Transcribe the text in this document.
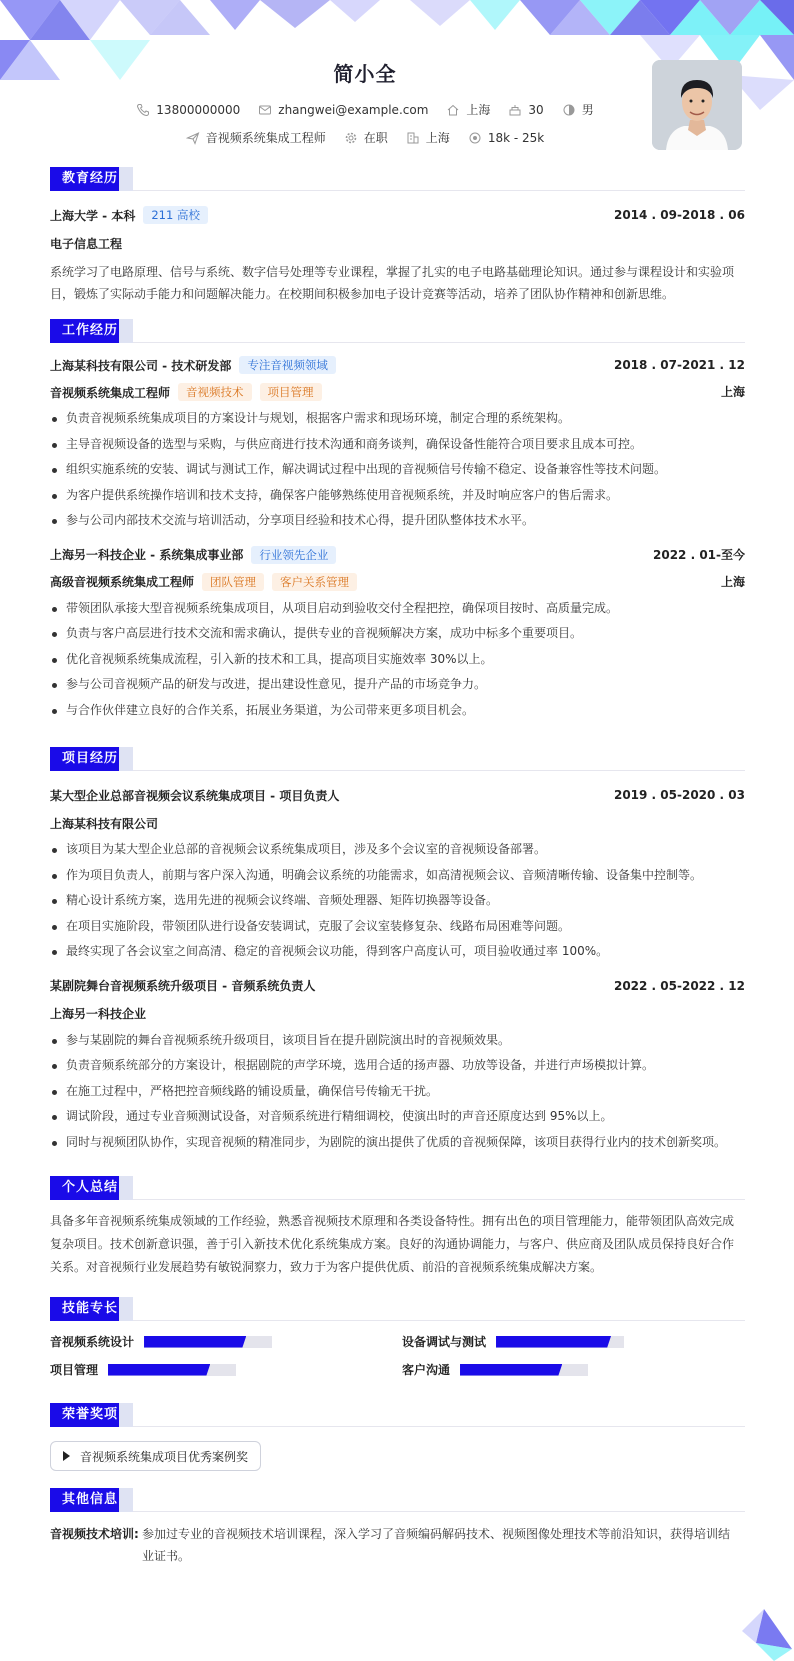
简小全
13800000000	zhangwei@example.com	上海	30	男
音视频系统集成工程师	在职	上海	18k - 25k
教育经历
上海大学 - 本科	211 高校	2014 . 09-2018 . 06
电子信息工程
系统学习了电路原理、信号与系统、数字信号处理等专业课程，掌握了扎实的电子电路基础理论知识。通过参与课程设计和实验项目，锻炼了实际动手能力和问题解决能力。在校期间积极参加电子设计竞赛等活动，培养了团队协作精神和创新思维。
工作经历
上海某科技有限公司 - 技术研发部	专注音视频领域	2018 . 07-2021 . 12
音视频系统集成工程师	音视频技术	项目管理	上海
负责音视频系统集成项目的方案设计与规划，根据客户需求和现场环境，制定合理的系统架构。
主导音视频设备的选型与采购，与供应商进行技术沟通和商务谈判，确保设备性能符合项目要求且成本可控。
组织实施系统的安装、调试与测试工作，解决调试过程中出现的音视频信号传输不稳定、设备兼容性等技术问题。
为客户提供系统操作培训和技术支持，确保客户能够熟练使用音视频系统，并及时响应客户的售后需求。
参与公司内部技术交流与培训活动，分享项目经验和技术心得，提升团队整体技术水平。
上海另一科技企业 - 系统集成事业部	行业领先企业	2022 . 01-至今
高级音视频系统集成工程师	团队管理	客户关系管理	上海
带领团队承接大型音视频系统集成项目，从项目启动到验收交付全程把控，确保项目按时、高质量完成。
负责与客户高层进行技术交流和需求确认，提供专业的音视频解决方案，成功中标多个重要项目。
优化音视频系统集成流程，引入新的技术和工具，提高项目实施效率 30%以上。
参与公司音视频产品的研发与改进，提出建设性意见，提升产品的市场竞争力。
与合作伙伴建立良好的合作关系，拓展业务渠道，为公司带来更多项目机会。
项目经历
某大型企业总部音视频会议系统集成项目 - 项目负责人	2019 . 05-2020 . 03
上海某科技有限公司
该项目为某大型企业总部的音视频会议系统集成项目，涉及多个会议室的音视频设备部署。
作为项目负责人，前期与客户深入沟通，明确会议系统的功能需求，如高清视频会议、音频清晰传输、设备集中控制等。
精心设计系统方案，选用先进的视频会议终端、音频处理器、矩阵切换器等设备。
在项目实施阶段，带领团队进行设备安装调试，克服了会议室装修复杂、线路布局困难等问题。
最终实现了各会议室之间高清、稳定的音视频会议功能，得到客户高度认可，项目验收通过率 100%。
某剧院舞台音视频系统升级项目 - 音频系统负责人	2022 . 05-2022 . 12
上海另一科技企业
参与某剧院的舞台音视频系统升级项目，该项目旨在提升剧院演出时的音视频效果。
负责音频系统部分的方案设计，根据剧院的声学环境，选用合适的扬声器、功放等设备，并进行声场模拟计算。
在施工过程中，严格把控音频线路的铺设质量，确保信号传输无干扰。
调试阶段，通过专业音频测试设备，对音频系统进行精细调校，使演出时的声音还原度达到 95%以上。
同时与视频团队协作，实现音视频的精准同步，为剧院的演出提供了优质的音视频保障，该项目获得行业内的技术创新奖项。
个人总结
具备多年音视频系统集成领域的工作经验，熟悉音视频技术原理和各类设备特性。拥有出色的项目管理能力，能带领团队高效完成复杂项目。技术创新意识强，善于引入新技术优化系统集成方案。良好的沟通协调能力，与客户、供应商及团队成员保持良好合作关系。对音视频行业发展趋势有敏锐洞察力，致力于为客户提供优质、前沿的音视频系统集成解决方案。
技能专长
音视频系统设计	设备调试与测试
项目管理	客户沟通
荣誉奖项
音视频系统集成项目优秀案例奖
其他信息
音视频技术培训: 参加过专业的音视频技术培训课程，深入学习了音频编码解码技术、视频图像处理技术等前沿知识，获得培训结
业证书。
